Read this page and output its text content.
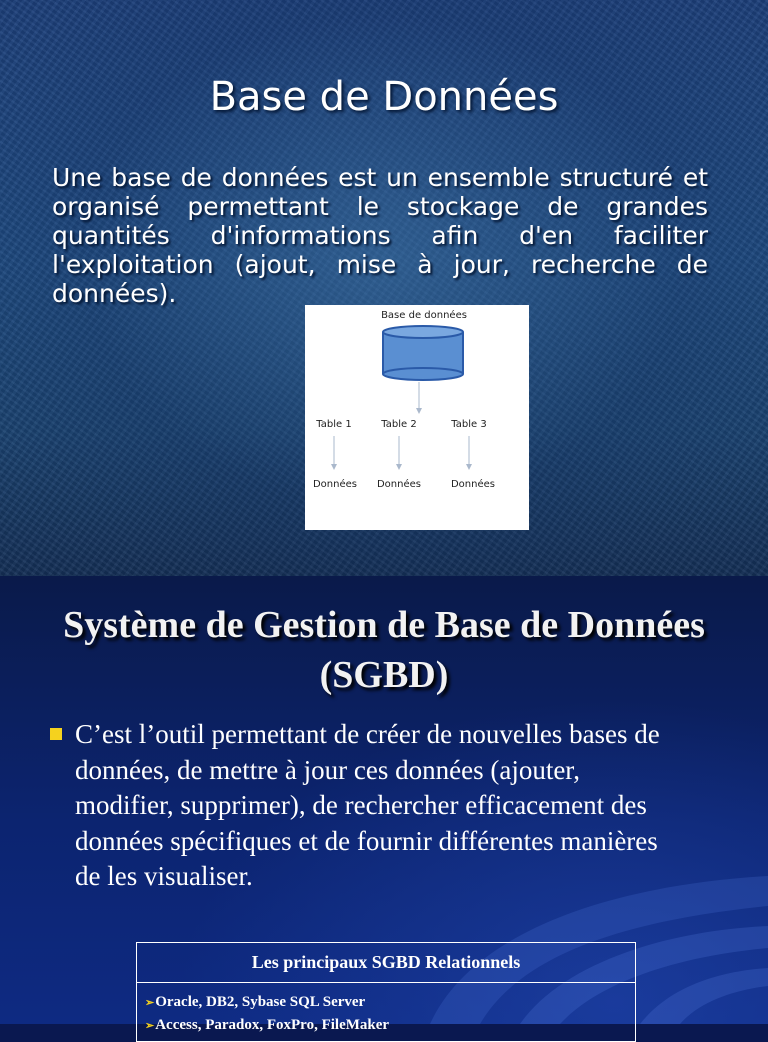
Base de Données
Une base de données est un ensemble structuré et organisé permettant le stockage de grandes quantités d'informations afin d'en faciliter l'exploitation (ajout, mise à jour, recherche de données).
Base de données
Table 1	Table 2	Table 3
Données Données	Données
Système de Gestion de Base de Données (SGBD)
C’est l’outil permettant de créer de nouvelles bases de données, de mettre à jour ces données (ajouter, modifier, supprimer), de rechercher efficacement des données spécifiques et de fournir différentes manières de les visualiser.
Les principaux SGBD Relationnels
➢Oracle, DB2, Sybase SQL Server
➢Access, Paradox, FoxPro, FileMaker
